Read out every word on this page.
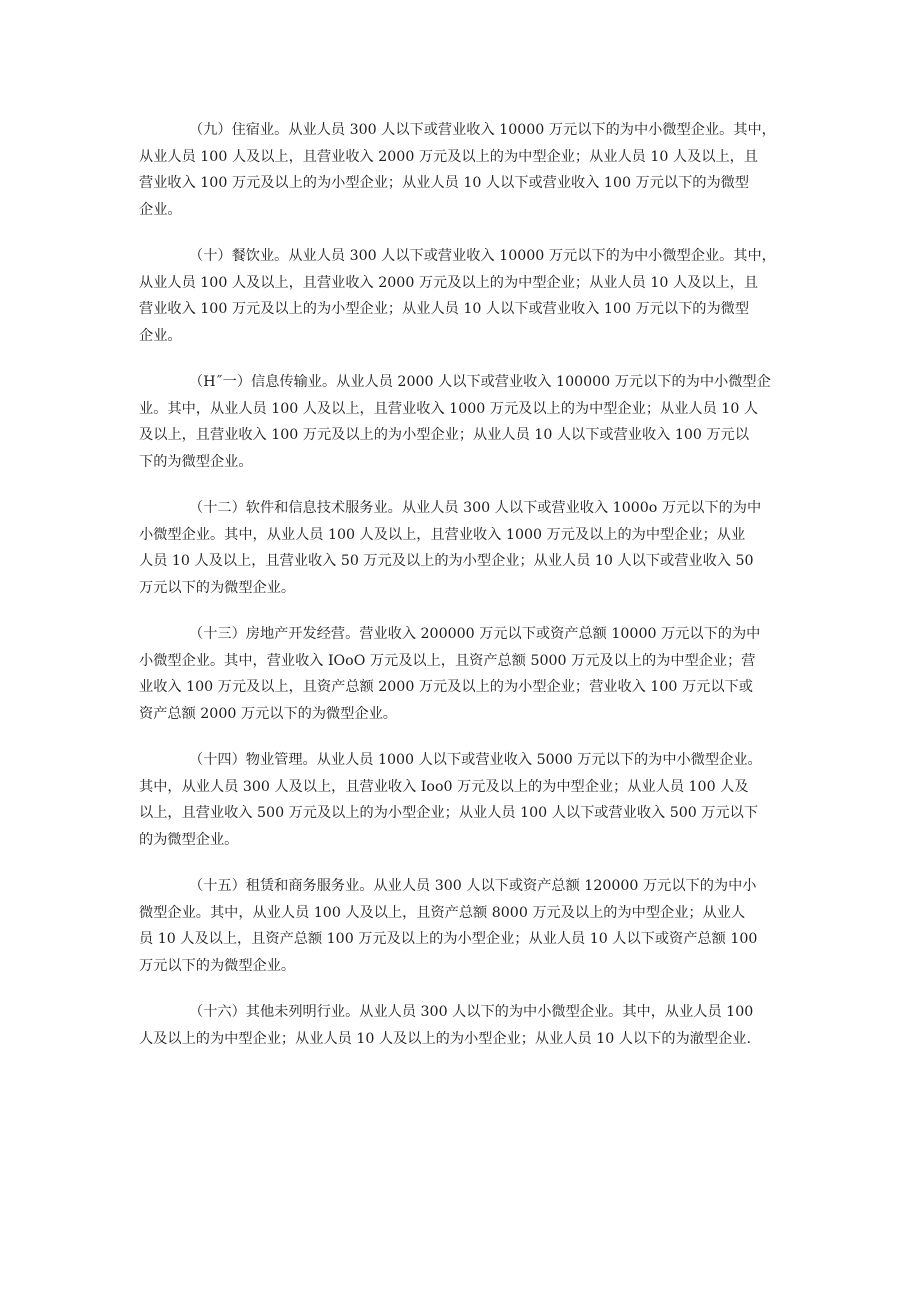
（九）住宿业。从业人员 300 人以下或营业收入 10000 万元以下的为中小微型企业。其中，
从业人员 100 人及以上，且营业收入 2000 万元及以上的为中型企业；从业人员 10 人及以上，且
营业收入 100 万元及以上的为小型企业；从业人员 10 人以下或营业收入 100 万元以下的为微型
企业。

（十）餐饮业。从业人员 300 人以下或营业收入 10000 万元以下的为中小微型企业。其中，
从业人员 100 人及以上，且营业收入 2000 万元及以上的为中型企业；从业人员 10 人及以上，且
营业收入 100 万元及以上的为小型企业；从业人员 10 人以下或营业收入 100 万元以下的为微型
企业。

（H˝一）信息传输业。从业人员 2000 人以下或营业收入 100000 万元以下的为中小微型企
业。其中，从业人员 100 人及以上，且营业收入 1000 万元及以上的为中型企业；从业人员 10 人
及以上，且营业收入 100 万元及以上的为小型企业；从业人员 10 人以下或营业收入 100 万元以
下的为微型企业。

（十二）软件和信息技术服务业。从业人员 300 人以下或营业收入 1000o 万元以下的为中
小微型企业。其中，从业人员 100 人及以上，且营业收入 1000 万元及以上的为中型企业；从业
人员 10 人及以上，且营业收入 50 万元及以上的为小型企业；从业人员 10 人以下或营业收入 50
万元以下的为微型企业。

（十三）房地产开发经营。营业收入 200000 万元以下或资产总额 10000 万元以下的为中
小微型企业。其中，营业收入 IOoO 万元及以上，且资产总额 5000 万元及以上的为中型企业；营
业收入 100 万元及以上，且资产总额 2000 万元及以上的为小型企业；营业收入 100 万元以下或
资产总额 2000 万元以下的为微型企业。

（十四）物业管理。从业人员 1000 人以下或营业收入 5000 万元以下的为中小微型企业。
其中，从业人员 300 人及以上，且营业收入 Ioo0 万元及以上的为中型企业；从业人员 100 人及
以上，且营业收入 500 万元及以上的为小型企业；从业人员 100 人以下或营业收入 500 万元以下
的为微型企业。

（十五）租赁和商务服务业。从业人员 300 人以下或资产总额 120000 万元以下的为中小
微型企业。其中，从业人员 100 人及以上，且资产总额 8000 万元及以上的为中型企业；从业人
员 10 人及以上，且资产总额 100 万元及以上的为小型企业；从业人员 10 人以下或资产总额 100
万元以下的为微型企业。

（十六）其他未列明行业。从业人员 300 人以下的为中小微型企业。其中，从业人员 100
人及以上的为中型企业；从业人员 10 人及以上的为小型企业；从业人员 10 人以下的为澈型企业.
